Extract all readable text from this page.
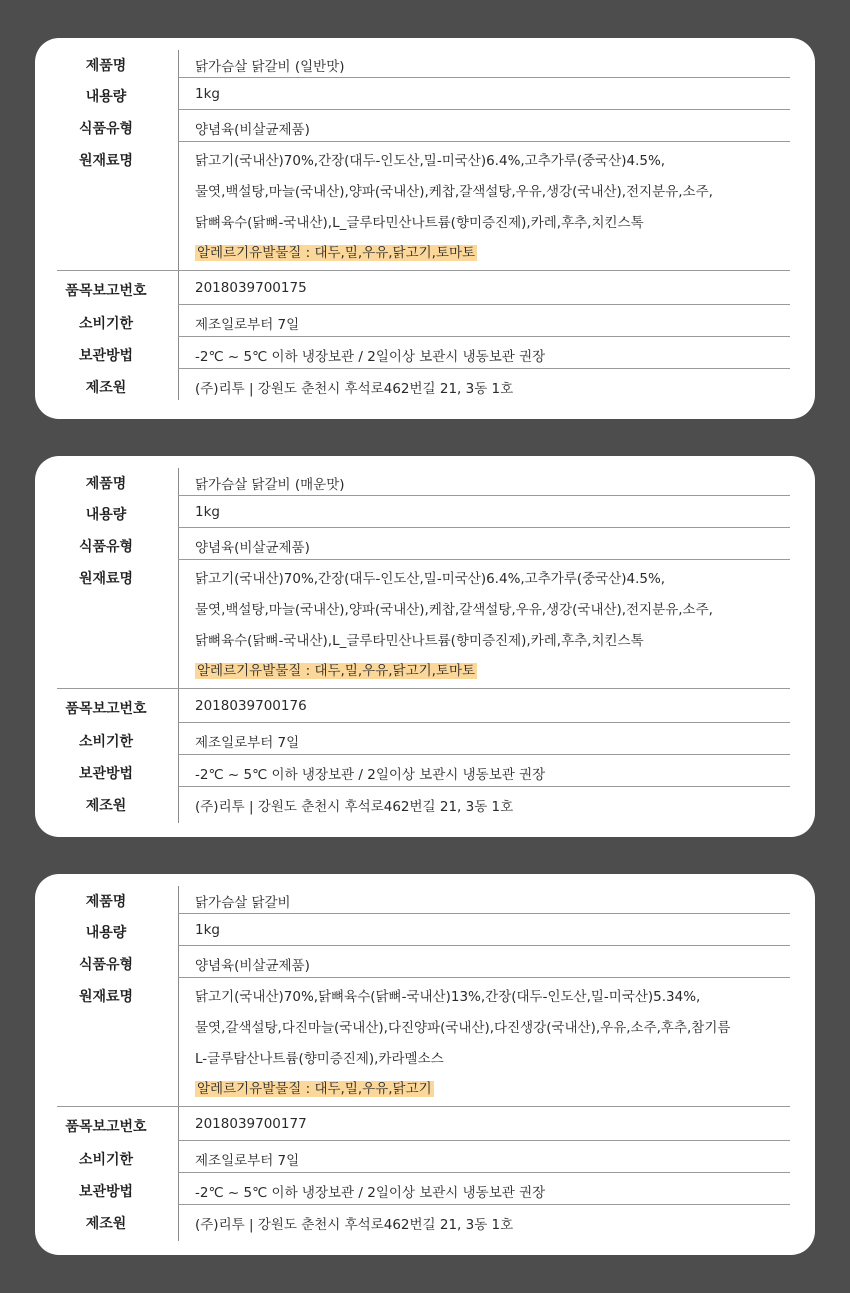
제품명	닭가슴살 닭갈비 (일반맛)
내용량	1kg
식품유형	양념육(비살균제품)
원재료명	닭고기(국내산)70%,간장(대두-인도산,밀-미국산)6.4%,고추가루(중국산)4.5%,
물엿,백설탕,마늘(국내산),양파(국내산),케찹,갈색설탕,우유,생강(국내산),전지분유,소주,
닭뼈육수(닭뼈-국내산),L_글루타민산나트륨(향미증진제),카레,후추,치킨스톡
알레르기유발물질 : 대두,밀,우유,닭고기,토마토
품목보고번호	2018039700175
소비기한	제조일로부터 7일
보관방법	-2℃ ~ 5℃ 이하 냉장보관 / 2일이상 보관시 냉동보관 권장
제조원	(주)리투 | 강원도 춘천시 후석로462번길 21, 3동 1호
제품명	닭가슴살 닭갈비 (매운맛)
내용량	1kg
식품유형	양념육(비살균제품)
원재료명	닭고기(국내산)70%,간장(대두-인도산,밀-미국산)6.4%,고추가루(중국산)4.5%,
물엿,백설탕,마늘(국내산),양파(국내산),케찹,갈색설탕,우유,생강(국내산),전지분유,소주,
닭뼈육수(닭뼈-국내산),L_글루타민산나트륨(향미증진제),카레,후추,치킨스톡
알레르기유발물질 : 대두,밀,우유,닭고기,토마토
품목보고번호	2018039700176
소비기한	제조일로부터 7일
보관방법	-2℃ ~ 5℃ 이하 냉장보관 / 2일이상 보관시 냉동보관 권장
제조원	(주)리투 | 강원도 춘천시 후석로462번길 21, 3동 1호
제품명	닭가슴살 닭갈비
내용량	1kg
식품유형	양념육(비살균제품)
원재료명	닭고기(국내산)70%,닭뼈육수(닭뼈-국내산)13%,간장(대두-인도산,밀-미국산)5.34%,
물엿,갈색설탕,다진마늘(국내산),다진양파(국내산),다진생강(국내산),우유,소주,후추,참기름
L-글루탐산나트륨(향미증진제),카라멜소스
알레르기유발물질 : 대두,밀,우유,닭고기
품목보고번호	2018039700177
소비기한	제조일로부터 7일
보관방법	-2℃ ~ 5℃ 이하 냉장보관 / 2일이상 보관시 냉동보관 권장
제조원	(주)리투 | 강원도 춘천시 후석로462번길 21, 3동 1호
